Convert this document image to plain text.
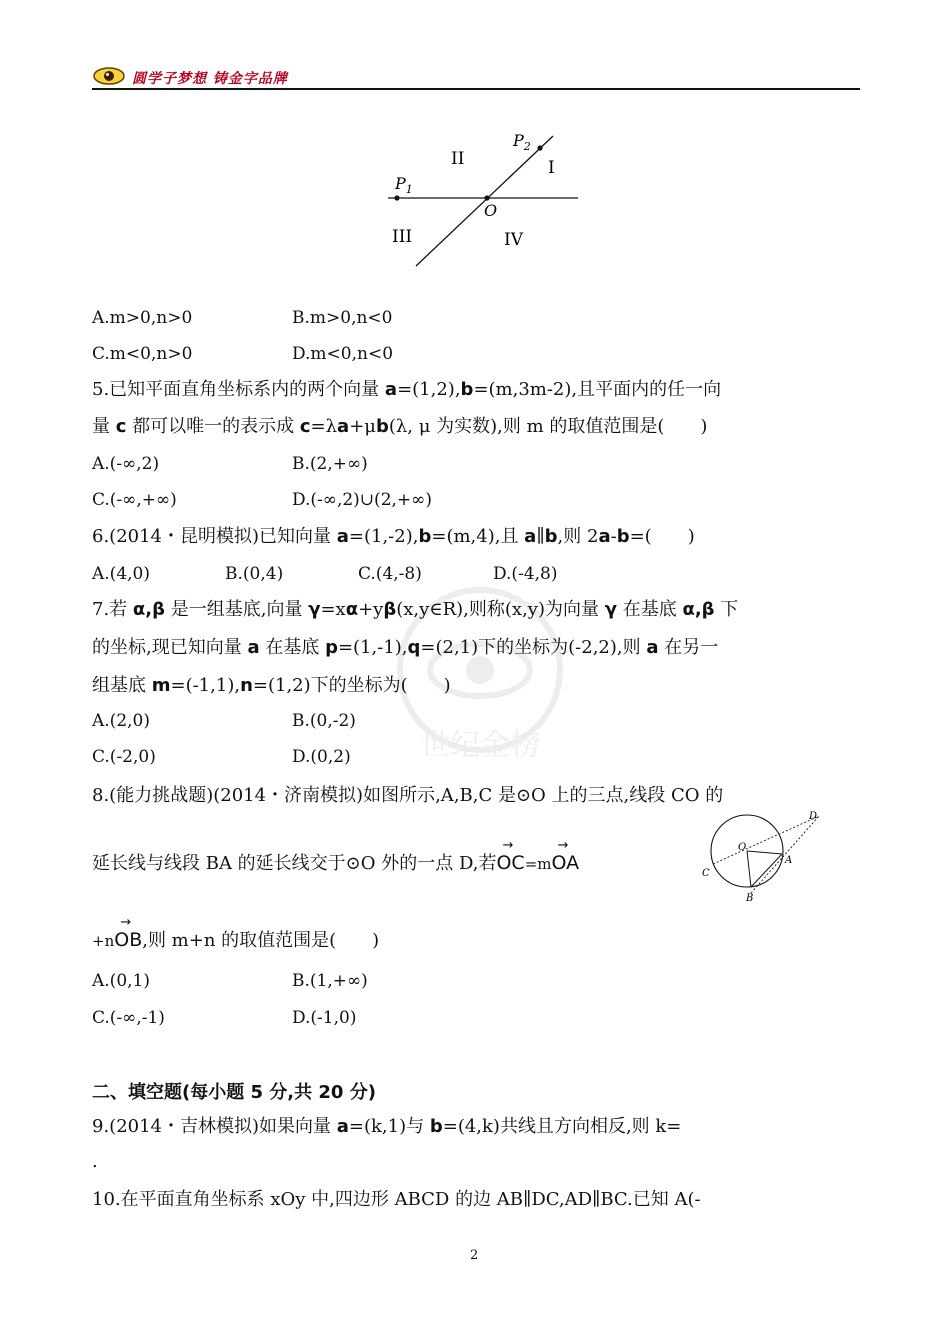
圆学子梦想 铸金字品牌
世纪金榜
$P_2$
$P_1$
O
I
II
III	IV
A.m>0,n>0	B.m>0,n<0
C.m<0,n>0	D.m<0,n<0
5.已知平面直角坐标系内的两个向量 a=(1,2),b=(m,3m-2),且平面内的任一向
量 c 都可以唯一的表示成 c=λa+μb(λ, μ 为实数),则 m 的取值范围是(　　)
A.(-∞,2)	B.(2,+∞)
C.(-∞,+∞)	D.(-∞,2)∪(2,+∞)
6.(2014・昆明模拟)已知向量 a=(1,-2),b=(m,4),且 a∥b,则 2a-b=(　　)
A.(4,0)	B.(0,4)	C.(4,-8)	D.(-4,8)
7.若 α,β 是一组基底,向量 γ=xα+yβ(x,y∈R),则称(x,y)为向量 γ 在基底 α,β 下
的坐标,现已知向量 a 在基底 p=(1,-1),q=(2,1)下的坐标为(-2,2),则 a 在另一
组基底 m=(-1,1),n=(1,2)下的坐标为(　　)
A.(2,0)	B.(0,-2)
C.(-2,0)	D.(0,2)
8.(能力挑战题)(2014・济南模拟)如图所示,A,B,C 是⊙O 上的三点,线段 CO 的
延长线与线段 BA 的延长线交于⊙O 外的一点 D,若
→
OC=m
→
OA
+n
→
OB,则 m+n 的取值范围是(　　)
D
O
A
C
B
A.(0,1)	B.(1,+∞)
C.(-∞,-1)	D.(-1,0)
二、填空题(每小题 5 分,共 20 分)
9.(2014・吉林模拟)如果向量 a=(k,1)与 b=(4,k)共线且方向相反,则 k=
.
10.在平面直角坐标系 xOy 中,四边形 ABCD 的边 AB∥DC,AD∥BC.已知 A(-
2
